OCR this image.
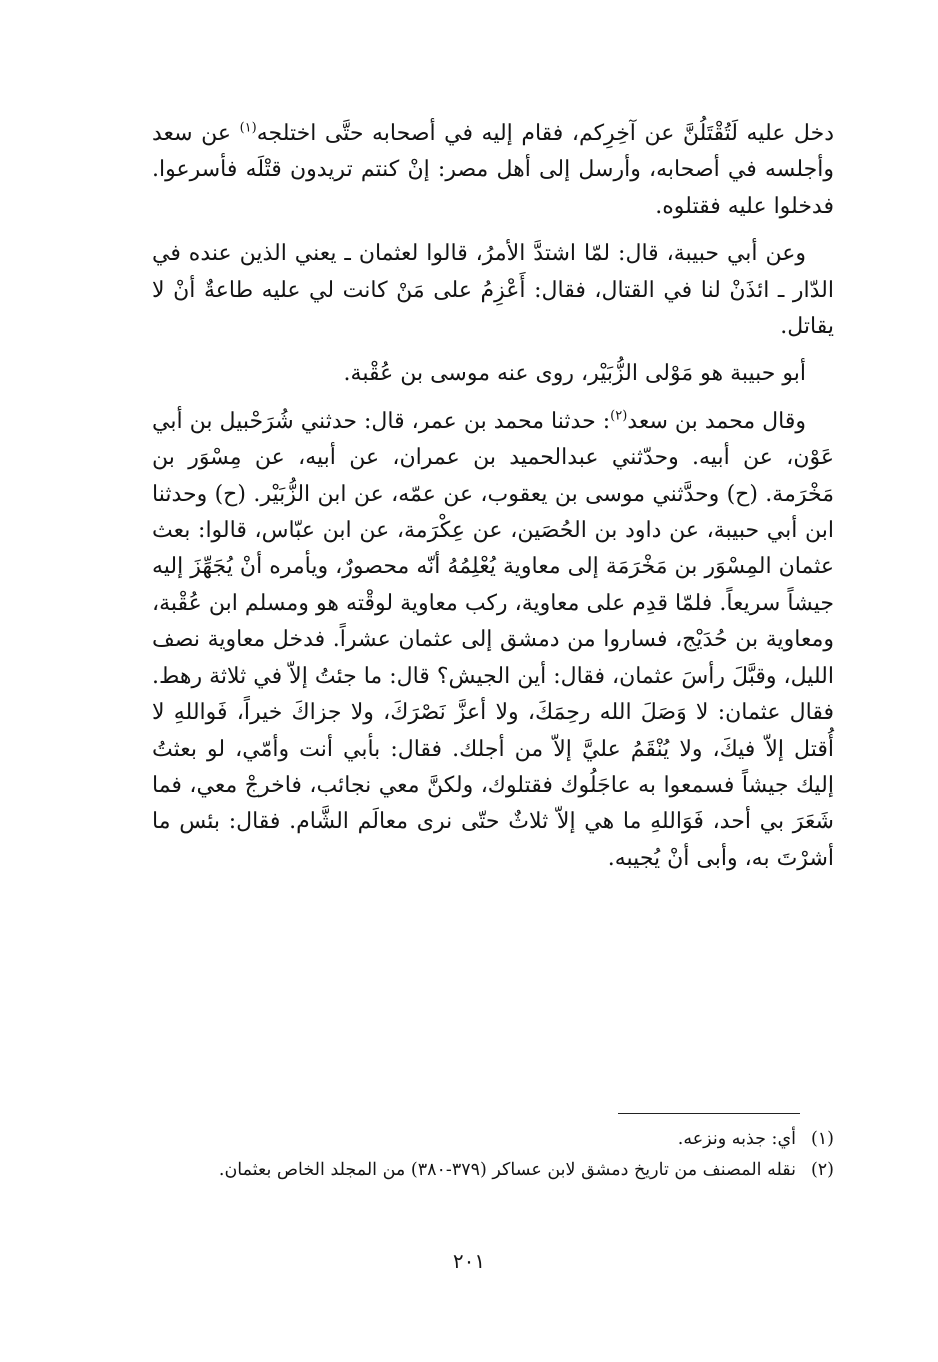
دخل عليه لَتُقْتَلُنَّ عن آخِرِكم، فقام إليه في أصحابه حتَّى اختلجه$^{(١)}$ عن سعد وأجلسه في أصحابه، وأرسل إلى أهل مصر: إنْ كنتم تريدون قتْلَه فأسرعوا. فدخلوا عليه فقتلوه.

وعن أبي حبيبة، قال: لمّا اشتدَّ الأمرُ، قالوا لعثمان ـ يعني الذين عنده في الدّار ـ ائذَنْ لنا في القتال، فقال: أَعْزِمُ على مَنْ كانت لي عليه طاعةٌ أنْ لا يقاتل.

أبو حبيبة هو مَوْلى الزُّبَيْر، روى عنه موسى بن عُقْبة.

وقال محمد بن سعد$^{(٢)}$: حدثنا محمد بن عمر، قال: حدثني شُرَحْبيل بن أبي عَوْن، عن أبيه. وحدّثني عبدالحميد بن عمران، عن أبيه، عن مِسْوَر بن مَخْرَمة. (ح) وحدَّثني موسى بن يعقوب، عن عمّه، عن ابن الزُّبَيْر. (ح) وحدثنا ابن أبي حبيبة، عن داود بن الحُصَين، عن عِكْرَمة، عن ابن عبّاس، قالوا: بعث عثمان المِسْوَر بن مَخْرَمَة إلى معاوية يُعْلِمُهُ أنّه محصورٌ، ويأمره أنْ يُجَهِّزَ إليه جيشاً سريعاً. فلمّا قدِم على معاوية، ركب معاوية لوقْته هو ومسلم ابن عُقْبة، ومعاوية بن حُدَيْج، فساروا من دمشق إلى عثمان عشراً. فدخل معاوية نصف الليل، وقبَّلَ رأسَ عثمان، فقال: أين الجيش؟ قال: ما جئتُ إلاّ في ثلاثة رهط. فقال عثمان: لا وَصَلَ الله رحِمَكَ، ولا أعزَّ نَصْرَكَ، ولا جزاكَ خيراً، فَواللهِ لا أُقتل إلاّ فيكَ، ولا يُنْقَمُ عليَّ إلاّ من أجلك. فقال: بأبي أنت وأمّي، لو بعثتُ إليك جيشاً فسمعوا به عاجَلُوك فقتلوك، ولكنَّ معي نجائب، فاخرجْ معي، فما شَعَرَ بي أحد، فَوَاللهِ ما هي إلاّ ثلاثٌ حتّى نرى معالَم الشَّام. فقال: بئس ما أشرْتَ به، وأبى أنْ يُجيبه.

(١)
أي: جذبه ونزعه.
(٢)
نقله المصنف من تاريخ دمشق لابن عساكر (٣٧٩-٣٨٠) من المجلد الخاص بعثمان.
٢٠١
